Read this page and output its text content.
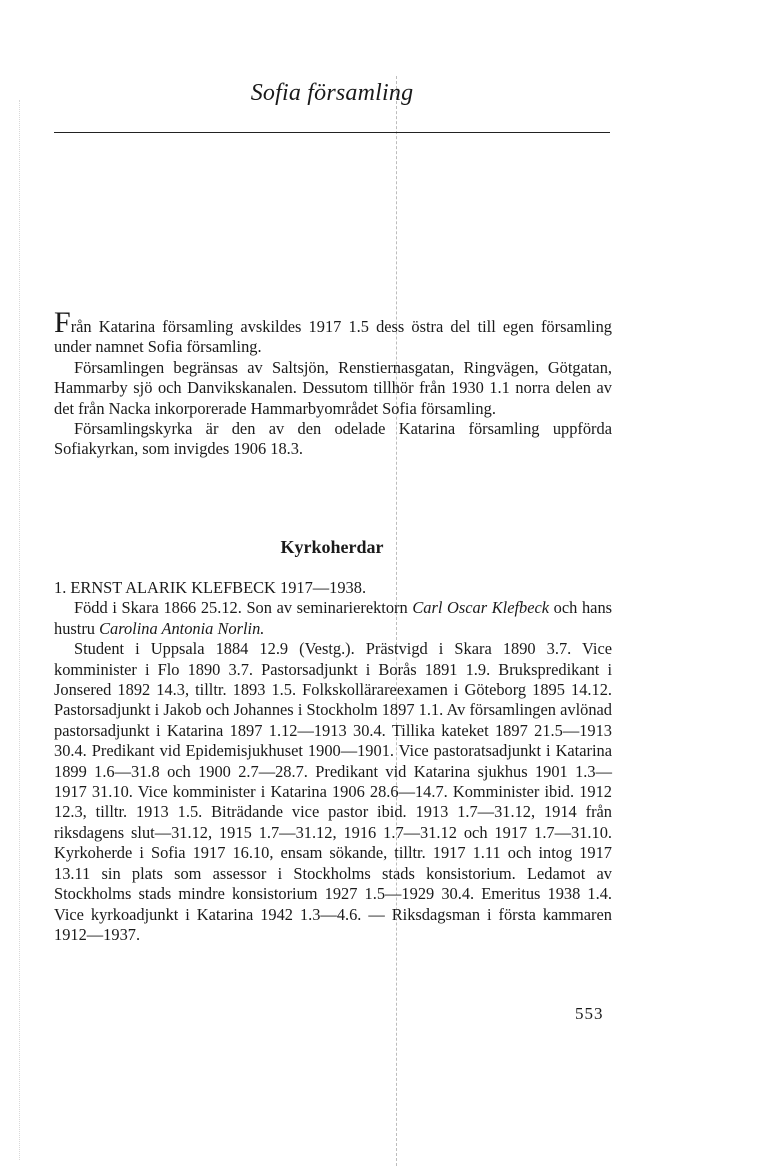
Sofia församling

Från Katarina församling avskildes 1917 1.5 dess östra del till egen församling under namnet Sofia församling.

Församlingen begränsas av Saltsjön, Renstiernasgatan, Ringvägen, Götgatan, Hammarby sjö och Danvikskanalen. Dessutom tillhör från 1930 1.1 norra delen av det från Nacka inkorporerade Hammarbyområdet Sofia församling.

Församlingskyrka är den av den odelade Katarina församling uppförda Sofiakyrkan, som invigdes 1906 18.3.

Kyrkoherdar

1. ERNST ALARIK KLEFBECK 1917—1938.

Född i Skara 1866 25.12. Son av seminarierektorn Carl Oscar Klefbeck och hans hustru Carolina Antonia Norlin.

Student i Uppsala 1884 12.9 (Vestg.). Prästvigd i Skara 1890 3.7. Vice komminister i Flo 1890 3.7. Pastorsadjunkt i Borås 1891 1.9. Brukspredikant i Jonsered 1892 14.3, tilltr. 1893 1.5. Folkskollärareexamen i Göteborg 1895 14.12. Pastorsadjunkt i Jakob och Johannes i Stockholm 1897 1.1. Av församlingen avlönad pastorsadjunkt i Katarina 1897 1.12—1913 30.4. Tillika kateket 1897 21.5—1913 30.4. Predikant vid Epidemisjukhuset 1900—1901. Vice pastoratsadjunkt i Katarina 1899 1.6—31.8 och 1900 2.7—28.7. Predikant vid Katarina sjukhus 1901 1.3—1917 31.10. Vice komminister i Katarina 1906 28.6—14.7. Komminister ibid. 1912 12.3, tilltr. 1913 1.5. Biträdande vice pastor ibid. 1913 1.7—31.12, 1914 från riksdagens slut—31.12, 1915 1.7—31.12, 1916 1.7—31.12 och 1917 1.7—31.10. Kyrkoherde i Sofia 1917 16.10, ensam sökande, tilltr. 1917 1.11 och intog 1917 13.11 sin plats som assessor i Stockholms stads konsistorium. Ledamot av Stockholms stads mindre konsistorium 1927 1.5—1929 30.4. Emeritus 1938 1.4. Vice kyrkoadjunkt i Katarina 1942 1.3—4.6. — Riksdagsman i första kammaren 1912—1937.

553
